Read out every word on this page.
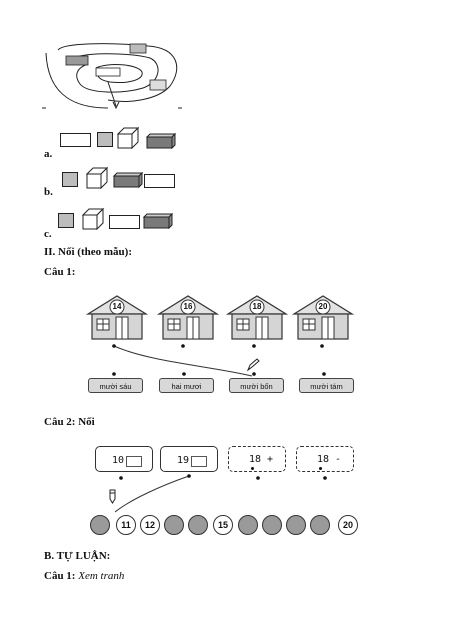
a.
b.
c.
II. Nối (theo mẫu):
Câu 1:
14	16	18	20
mười sáu	hai mươi	mười bốn	mười tám
Câu 2: Nối
10	19	18 +	18 -
11	12	15	20
B. TỰ LUẬN:
Câu 1: Xem tranh
